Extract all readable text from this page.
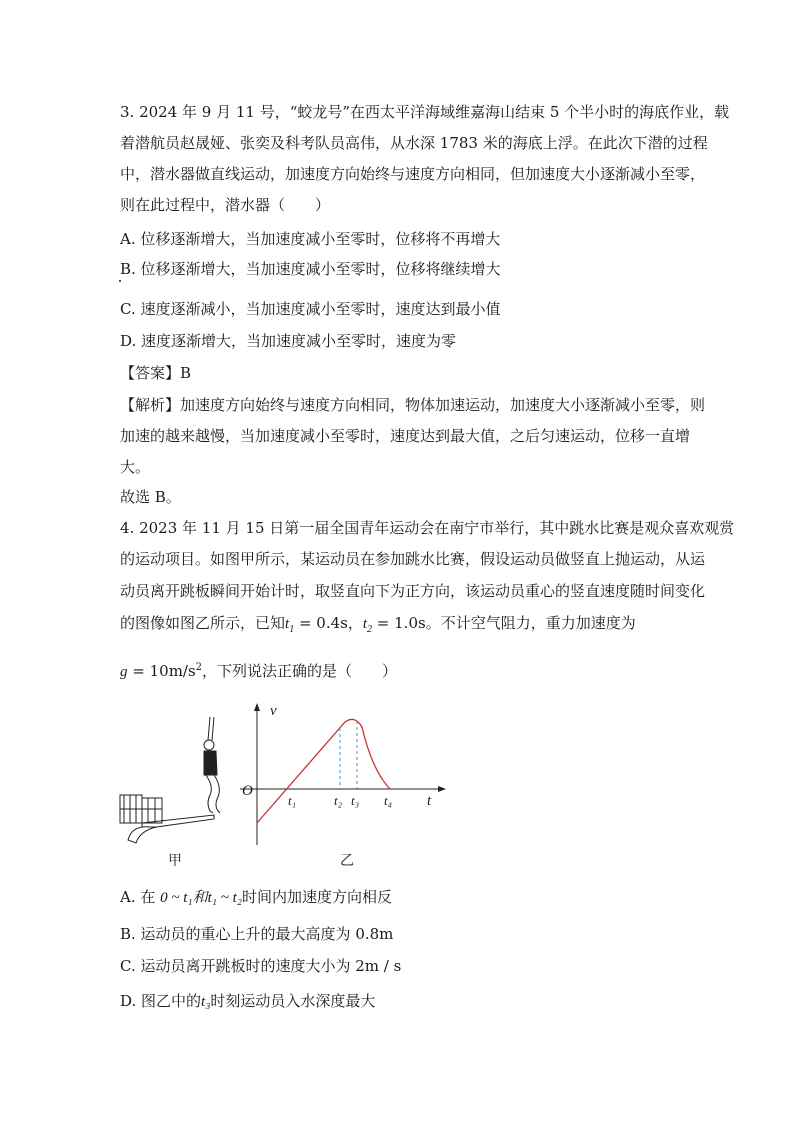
3. 2024 年 9 月 11 号，“蛟龙号”在西太平洋海域维嘉海山结束 5 个半小时的海底作业，载
着潜航员赵晟娅、张奕及科考队员高伟，从水深 1783 米的海底上浮。在此次下潜的过程
中，潜水器做直线运动，加速度方向始终与速度方向相同，但加速度大小逐渐减小至零，
则在此过程中，潜水器（　　）
A. 位移逐渐增大，当加速度减小至零时，位移将不再增大
B. 位移逐渐增大，当加速度减小至零时，位移将继续增大
C. 速度逐渐减小，当加速度减小至零时，速度达到最小值
D. 速度逐渐增大，当加速度减小至零时，速度为零
【答案】B
【解析】加速度方向始终与速度方向相同，物体加速运动，加速度大小逐渐减小至零，则
加速的越来越慢，当加速度减小至零时，速度达到最大值，之后匀速运动，位移一直增
大。
故选 B。
4. 2023 年 11 月 15 日第一届全国青年运动会在南宁市举行，其中跳水比赛是观众喜欢观赏
的运动项目。如图甲所示，某运动员在参加跳水比赛，假设运动员做竖直上抛运动，从运
动员离开跳板瞬间开始计时，取竖直向下为正方向，该运动员重心的竖直速度随时间变化
的图像如图乙所示，已知$t_1 = 0.4s$，$t_2 = 1.0s$。不计空气阻力，重力加速度为
$g = 10m/s^2$，下列说法正确的是（　　）
甲
v
t
O
t₁	t₂ t₃ t₄
乙
A. 在 0 ~ t₁和t₁ ~ t₂时间内加速度方向相反
B. 运动员的重心上升的最大高度为 0.8m
C. 运动员离开跳板时的速度大小为 2m / s
D. 图乙中的t₃时刻运动员入水深度最大
